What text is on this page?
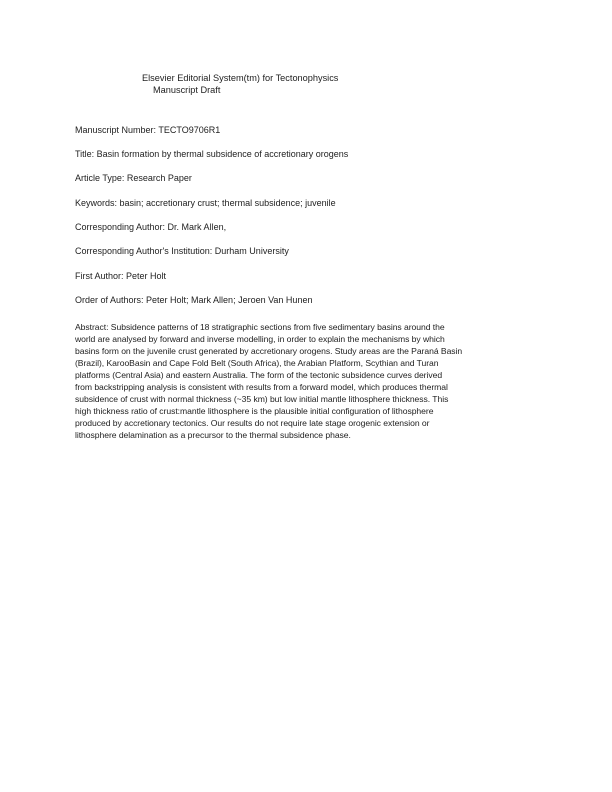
Elsevier Editorial System(tm) for Tectonophysics
Manuscript Draft
Manuscript Number: TECTO9706R1
Title: Basin formation by thermal subsidence of accretionary orogens
Article Type: Research Paper
Keywords: basin; accretionary crust; thermal subsidence; juvenile
Corresponding Author: Dr. Mark Allen,
Corresponding Author's Institution: Durham University
First Author: Peter Holt
Order of Authors: Peter Holt; Mark Allen; Jeroen Van Hunen
Abstract: Subsidence patterns of 18 stratigraphic sections from five sedimentary basins around the
world are analysed by forward and inverse modelling, in order to explain the mechanisms by which
basins form on the juvenile crust generated by accretionary orogens. Study areas are the Paraná Basin
(Brazil), KarooBasin and Cape Fold Belt (South Africa), the Arabian Platform, Scythian and Turan
platforms (Central Asia) and eastern Australia. The form of the tectonic subsidence curves derived
from backstripping analysis is consistent with results from a forward model, which produces thermal
subsidence of crust with normal thickness (~35 km) but low initial mantle lithosphere thickness. This
high thickness ratio of crust:mantle lithosphere is the plausible initial configuration of lithosphere
produced by accretionary tectonics. Our results do not require late stage orogenic extension or
lithosphere delamination as a precursor to the thermal subsidence phase.
